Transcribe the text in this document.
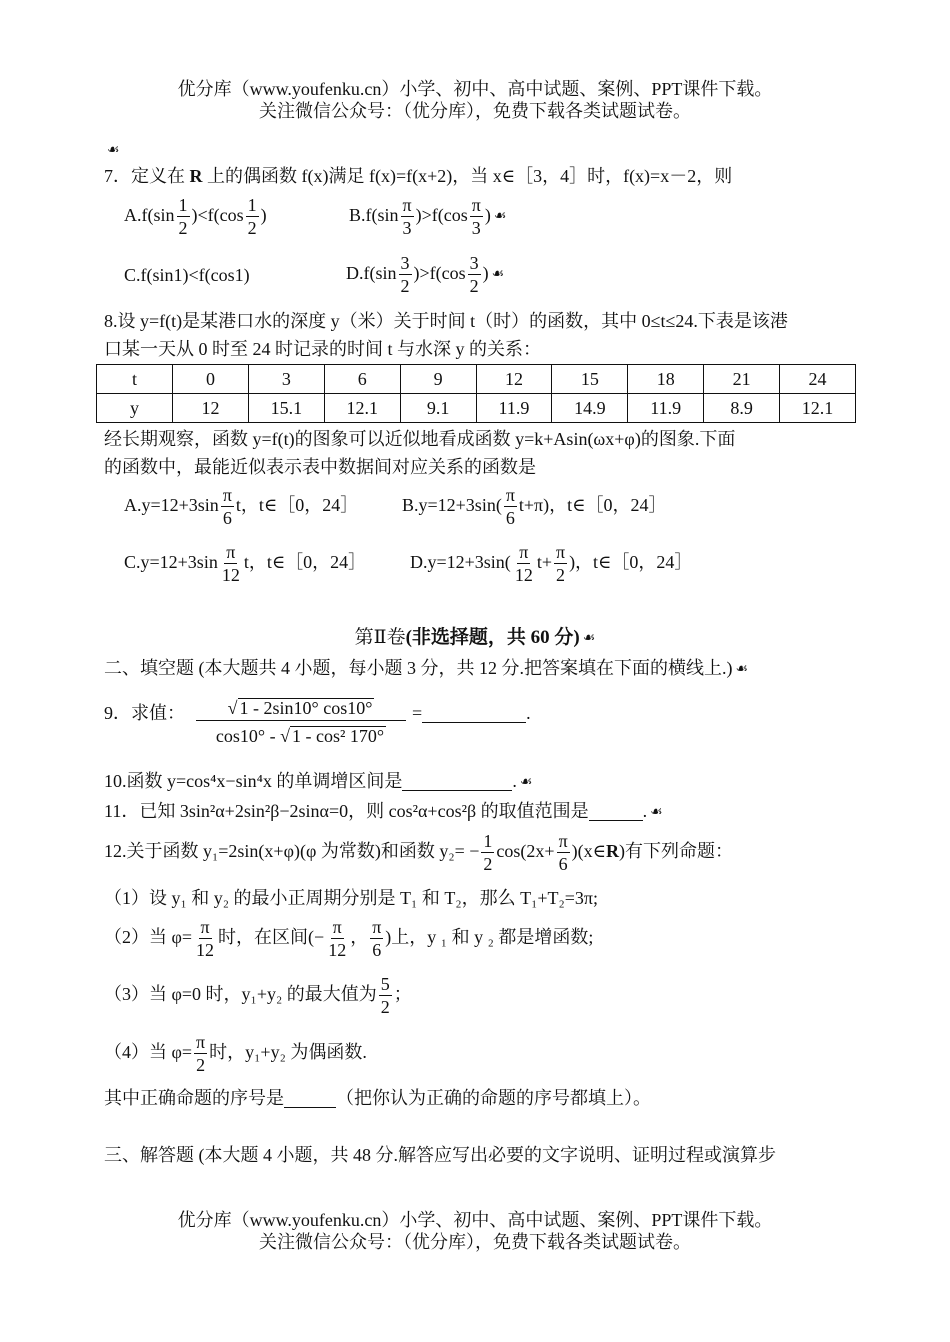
优分库（www.youfenku.cn）小学、初中、高中试题、案例、PPT课件下载。
关注微信公众号：（优分库），免费下载各类试题试卷。
☙
7．定义在 R 上的偶函数 f(x)满足 f(x)=f(x+2)，当 x∈［3，4］时，f(x)=x－2，则
$A.f(\sin \frac{1}{2} )<f(\cos \frac{1}{2}$ )	$B.f(\sin \frac{\pi}{3} )>f(\cos \frac{\pi}{3}$ ) ☙
C.f(sin1)<f(cos1)	$D.f(\sin \frac{3}{2} )>f(\cos \frac{3}{2}$ ) ☙
8.设 y=f(t)是某港口水的深度 y（米）关于时间 t（时）的函数，其中 0≤t≤24.下表是该港
口某一天从 0 时至 24 时记录的时间 t 与水深 y 的关系：
t	0	3	6	9	12	15	18	21	24
y	12	15.1	12.1	9.1	11.9	14.9	11.9	8.9	12.1
经长期观察，函数 y=f(t)的图象可以近似地看成函数 y=k+Asin(ωx+φ)的图象.下面
的函数中，最能近似表示表中数据间对应关系的函数是
$A.y=12+3\sin \frac{\pi}{6}$ t，t∈［0，24］ $B.y=12+3\sin( \frac{\pi}{6} t+\pi)$，t∈［0，24］
$C.y=12+3\sin \frac{\pi}{12}$ t，t∈［0，24］ $D.y=12+3\sin( \frac{\pi}{12} t+ \frac{\pi}{2}$ )，t∈［0，24］
第Ⅱ卷(非选择题，共 60 分) ☙
二、填空题 (本大题共 4 小题，每小题 3 分，共 12 分.把答案填在下面的横线上.) ☙
9．求值：	√ 1 - 2sin10° cos10°
cos10° - √ 1 - cos² 170°
=	.
10.函数 y=cos⁴x−sin⁴x 的单调增区间是	. ☙
11．已知 3sin²α+2sin²β−2sinα=0，则 cos²α+cos²β 的取值范围是	. ☙
12.关于函数 y₁=2sin(x+φ)(φ 为常数)和函数 $y_2= - \frac{1}{2} \cos(2x+ \frac{\pi}{6}$ )(x∈R)有下列命题：
（1）设 y₁ 和 y₂ 的最小正周期分别是 T₁ 和 T₂，那么 T₁+T₂=3π;
（2）当 $\varphi= \frac{\pi}{12}$ 时，在区间(− $\frac{\pi}{12}$ ， $\frac{\pi}{6}$ )上，y ₁ 和 y ₂ 都是增函数;
（3）当 φ=0 时，y₁+y₂ 的最大值为 $\frac{5}{2}$ ；
（4）当 $\varphi= \frac{\pi}{2}$ 时，y₁+y₂ 为偶函数.
其中正确命题的序号是	（把你认为正确的命题的序号都填上）。
三、解答题 (本大题 4 小题，共 48 分.解答应写出必要的文字说明、证明过程或演算步
优分库（www.youfenku.cn）小学、初中、高中试题、案例、PPT课件下载。
关注微信公众号：（优分库），免费下载各类试题试卷。
